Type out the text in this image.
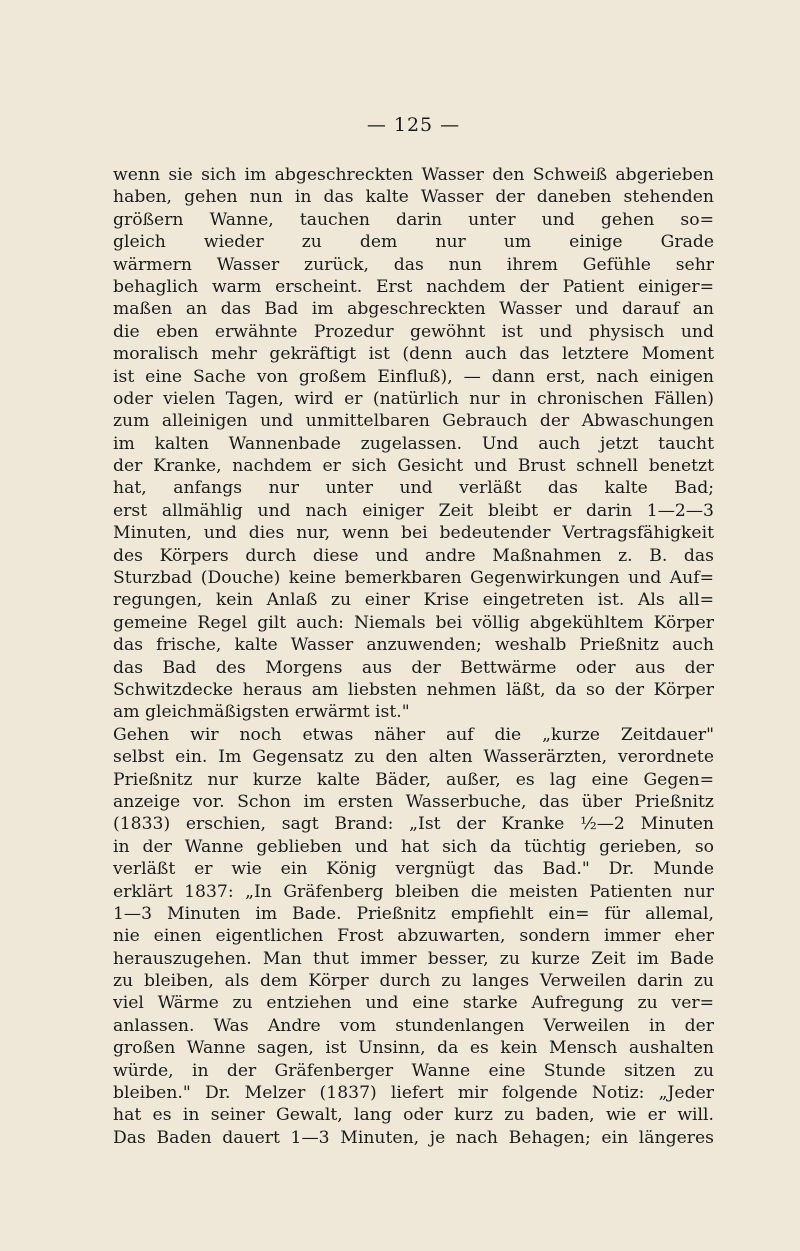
— 125 —
wenn sie sich im abgeschreckten Wasser den Schweiß abgerieben
haben, gehen nun in das kalte Wasser der daneben stehenden
größern Wanne, tauchen darin unter und gehen so=
gleich wieder zu dem nur um einige Grade
wärmern Wasser zurück, das nun ihrem Gefühle sehr
behaglich warm erscheint. Erst nachdem der Patient einiger=
maßen an das Bad im abgeschreckten Wasser und darauf an
die eben erwähnte Prozedur gewöhnt ist und physisch und
moralisch mehr gekräftigt ist (denn auch das letztere Moment
ist eine Sache von großem Einfluß), — dann erst, nach einigen
oder vielen Tagen, wird er (natürlich nur in chronischen Fällen)
zum alleinigen und unmittelbaren Gebrauch der Abwaschungen
im kalten Wannenbade zugelassen. Und auch jetzt taucht
der Kranke, nachdem er sich Gesicht und Brust schnell benetzt
hat, anfangs nur unter und verläßt das kalte Bad;
erst allmählig und nach einiger Zeit bleibt er darin 1—2—3
Minuten, und dies nur, wenn bei bedeutender Vertragsfähigkeit
des Körpers durch diese und andre Maßnahmen z. B. das
Sturzbad (Douche) keine bemerkbaren Gegenwirkungen und Auf=
regungen, kein Anlaß zu einer Krise eingetreten ist. Als all=
gemeine Regel gilt auch: Niemals bei völlig abgekühltem Körper
das frische, kalte Wasser anzuwenden; weshalb Prießnitz auch
das Bad des Morgens aus der Bettwärme oder aus der
Schwitzdecke heraus am liebsten nehmen läßt, da so der Körper
am gleichmäßigsten erwärmt ist."
Gehen wir noch etwas näher auf die „kurze Zeitdauer"
selbst ein. Im Gegensatz zu den alten Wasserärzten, verordnete
Prießnitz nur kurze kalte Bäder, außer, es lag eine Gegen=
anzeige vor. Schon im ersten Wasserbuche, das über Prießnitz
(1833) erschien, sagt Brand: „Ist der Kranke ½—2 Minuten
in der Wanne geblieben und hat sich da tüchtig gerieben, so
verläßt er wie ein König vergnügt das Bad." Dr. Munde
erklärt 1837: „In Gräfenberg bleiben die meisten Patienten nur
1—3 Minuten im Bade. Prießnitz empfiehlt ein= für allemal,
nie einen eigentlichen Frost abzuwarten, sondern immer eher
herauszugehen. Man thut immer besser, zu kurze Zeit im Bade
zu bleiben, als dem Körper durch zu langes Verweilen darin zu
viel Wärme zu entziehen und eine starke Aufregung zu ver=
anlassen. Was Andre vom stundenlangen Verweilen in der
großen Wanne sagen, ist Unsinn, da es kein Mensch aushalten
würde, in der Gräfenberger Wanne eine Stunde sitzen zu
bleiben." Dr. Melzer (1837) liefert mir folgende Notiz: „Jeder
hat es in seiner Gewalt, lang oder kurz zu baden, wie er will.
Das Baden dauert 1—3 Minuten, je nach Behagen; ein längeres
